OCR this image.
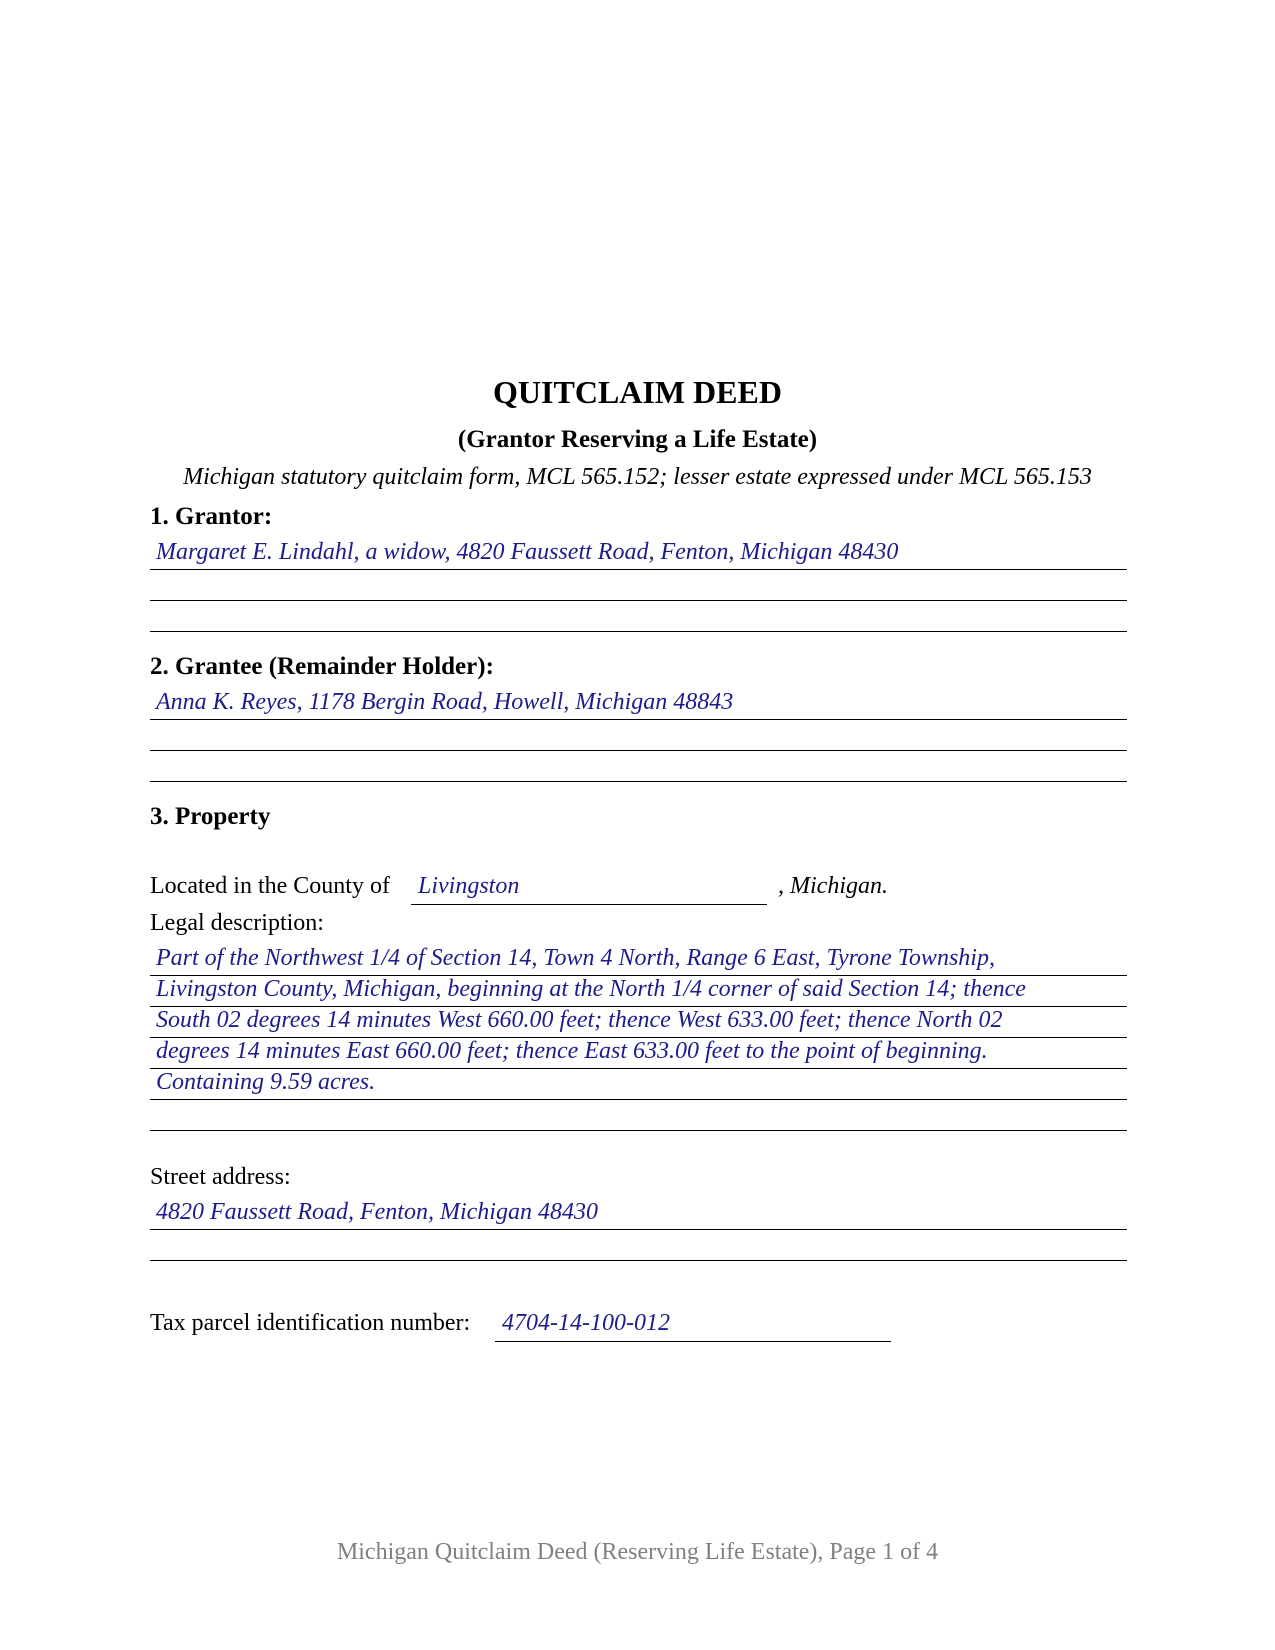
QUITCLAIM DEED
(Grantor Reserving a Life Estate)
Michigan statutory quitclaim form, MCL 565.152; lesser estate expressed under MCL 565.153
1. Grantor:
Margaret E. Lindahl, a widow, 4820 Faussett Road, Fenton, Michigan 48430
2. Grantee (Remainder Holder):
Anna K. Reyes, 1178 Bergin Road, Howell, Michigan 48843
3. Property
Located in the County of Livingston	, Michigan.
Legal description:
Part of the Northwest 1/4 of Section 14, Town 4 North, Range 6 East, Tyrone Township,
Livingston County, Michigan, beginning at the North 1/4 corner of said Section 14; thence
South 02 degrees 14 minutes West 660.00 feet; thence West 633.00 feet; thence North 02
degrees 14 minutes East 660.00 feet; thence East 633.00 feet to the point of beginning.
Containing 9.59 acres.
Street address:
4820 Faussett Road, Fenton, Michigan 48430
Tax parcel identification number: 4704-14-100-012
Michigan Quitclaim Deed (Reserving Life Estate), Page 1 of 4
